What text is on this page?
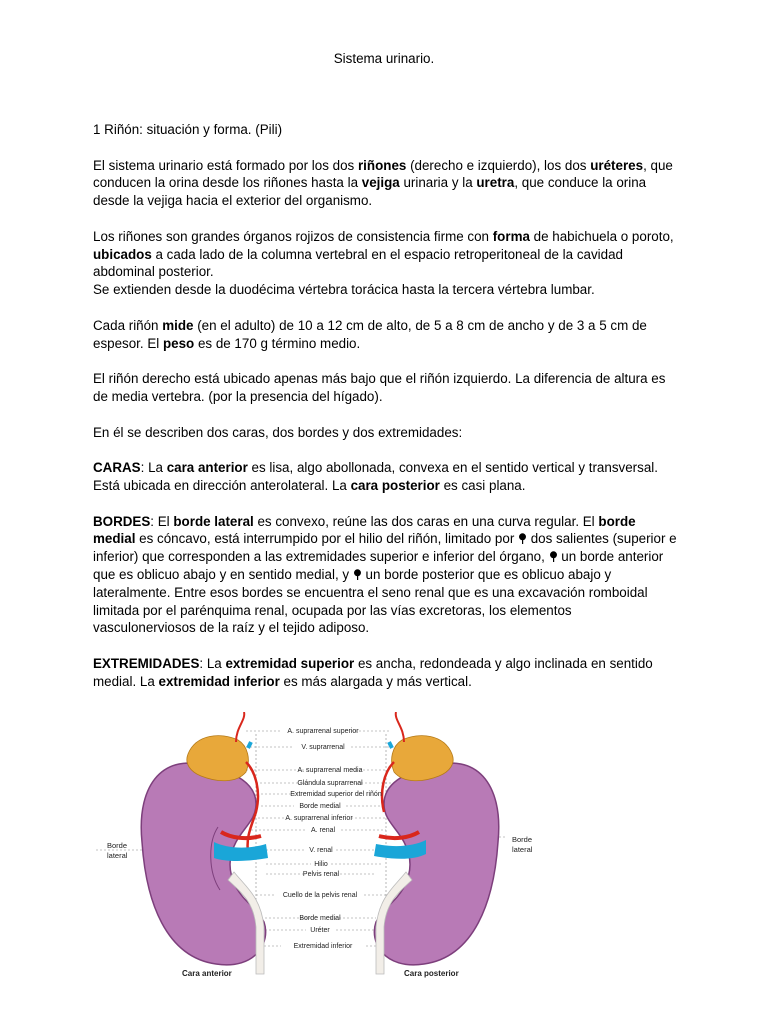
Sistema urinario.

1 Riñón: situación y forma. (Pili)

El sistema urinario está formado por los dos riñones (derecho e izquierdo), los dos uréteres, que conducen la orina desde los riñones hasta la vejiga urinaria y la uretra, que conduce la orina desde la vejiga hacia el exterior del organismo.

Los riñones son grandes órganos rojizos de consistencia firme con forma de habichuela o poroto, ubicados a cada lado de la columna vertebral en el espacio retroperitoneal de la cavidad abdominal posterior.
Se extienden desde la duodécima vértebra torácica hasta la tercera vértebra lumbar.

Cada riñón mide (en el adulto) de 10 a 12 cm de alto, de 5 a 8 cm de ancho y de 3 a 5 cm de espesor. El peso es de 170 g término medio.

El riñón derecho está ubicado apenas más bajo que el riñón izquierdo. La diferencia de altura es de media vertebra. (por la presencia del hígado).

En él se describen dos caras, dos bordes y dos extremidades:

CARAS: La cara anterior es lisa, algo abollonada, convexa en el sentido vertical y transversal. Está ubicada en dirección anterolateral. La cara posterior es casi plana.

BORDES: El borde lateral es convexo, reúne las dos caras en una curva regular. El borde medial es cóncavo, está interrumpido por el hilio del riñón, limitado por  dos salientes (superior e inferior) que corresponden a las extremidades superior e inferior del órgano,  un borde anterior que es oblicuo abajo y en sentido medial, y  un borde posterior que es oblicuo abajo y lateralmente. Entre esos bordes se encuentra el seno renal que es una excavación romboidal limitada por el parénquima renal, ocupada por las vías excretoras, los elementos vasculonerviosos de la raíz y el tejido adiposo.

EXTREMIDADES: La extremidad superior es ancha, redondeada y algo inclinada en sentido medial. La extremidad inferior es más alargada y más vertical.

A. suprarrenal superior
V. suprarrenal
A. suprarrenal media
Glándula suprarrenal
Extremidad superior del riñón
Borde medial
A. suprarrenal inferior
A. renal
V. renal
Hilio
Pelvis renal
Cuello de la pelvis renal
Borde medial
Uréter
Extremidad inferior
Borde
lateral
Borde
lateral
Cara anterior	Cara posterior
